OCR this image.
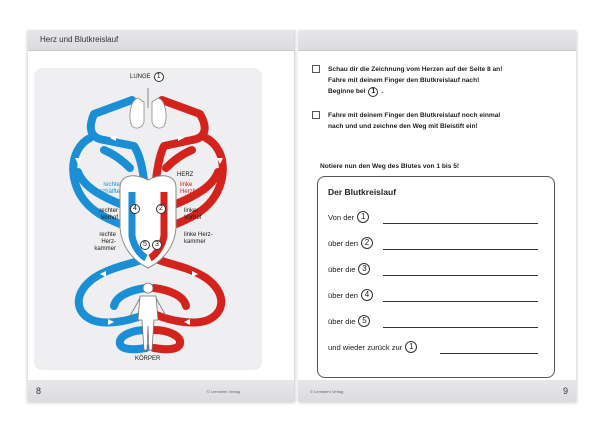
Herz und Blutkreislauf
LUNGE 1
HERZ
rechte Herzhälfte
linke Herzhälfte
rechter Vorhof
linker Vorhof
rechte Herz-kammer
linke Herz-kammer
KÖRPER
4	2
5	3
8	© Lernstern Verlag
Schau dir die Zeichnung vom Herzen auf der Seite 8 an!
Fahre mit deinem Finger den Blutkreislauf nach!
Beginne bei 1 .
Fahre mit deinem Finger den Blutkreislauf noch einmal
nach und und zeichne den Weg mit Bleistift ein!
Notiere nun den Weg des Blutes von 1 bis 5!
Der Blutkreislauf
Von der 1
über den 2
über die 3
über den 4
über die 5
und wieder zurück zur 1
© Lernstern Verlag	9
